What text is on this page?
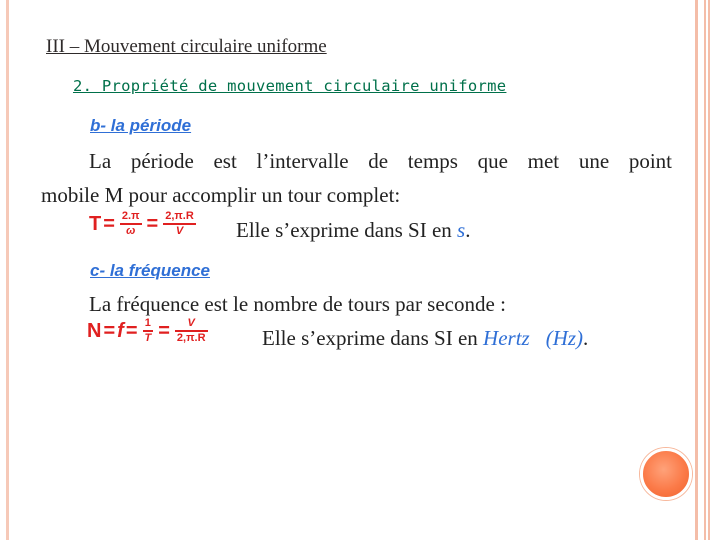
III – Mouvement circulaire uniforme
2. Propriété de mouvement circulaire uniforme
b- la période
La période est l’intervalle de temps que met une point
mobile M pour accomplir un tour complet:
$T = \frac{2.\pi}{\omega} = \frac{2,\pi.R}{V}$ Elle s’exprime dans SI en s.
c- la fréquence
La fréquence est le nombre de tours par seconde :
$N = f = \frac{1}{T} = \frac{V}{2,\pi.R}$	Elle s’exprime dans SI en Hertz (Hz).
